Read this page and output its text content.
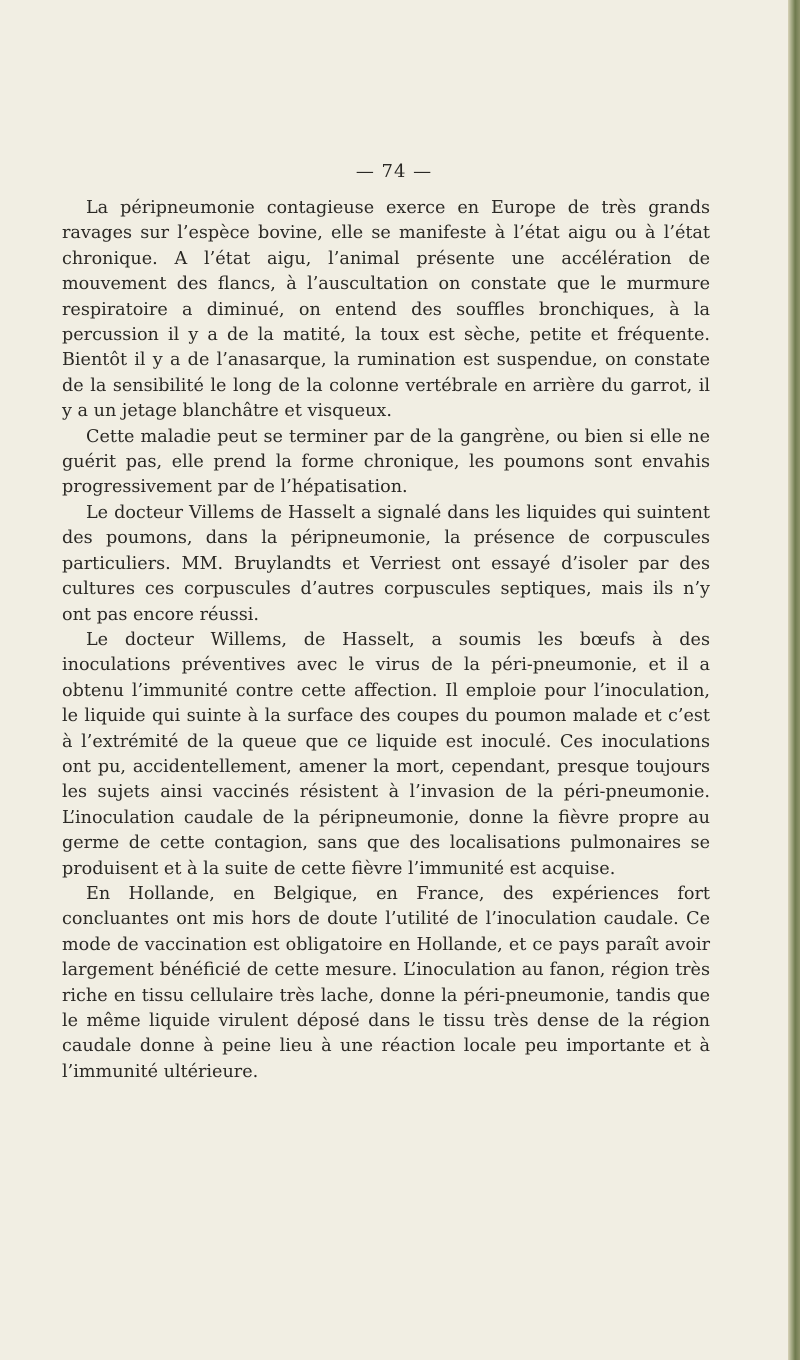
— 74 —

La péripneumonie contagieuse exerce en Europe de très grands ravages sur l’espèce bovine, elle se manifeste à l’état aigu ou à l’état chronique. A l’état aigu, l’animal présente une accélération de mouvement des flancs, à l’auscultation on constate que le murmure respiratoire a diminué, on entend des souffles bronchiques, à la percussion il y a de la matité, la toux est sèche, petite et fréquente. Bientôt il y a de l’anasarque, la rumination est suspendue, on constate de la sensibilité le long de la colonne vertébrale en arrière du garrot, il y a un jetage blanchâtre et visqueux.

Cette maladie peut se terminer par de la gangrène, ou bien si elle ne guérit pas, elle prend la forme chronique, les poumons sont envahis progressivement par de l’hépatisation.

Le docteur Villems de Hasselt a signalé dans les liquides qui suintent des poumons, dans la péripneumonie, la présence de corpuscules particuliers. MM. Bruylandts et Verriest ont essayé d’isoler par des cultures ces corpuscules d’autres corpuscules septiques, mais ils n’y ont pas encore réussi.

Le docteur Willems, de Hasselt, a soumis les bœufs à des inoculations préventives avec le virus de la péri-pneumonie, et il a obtenu l’immunité contre cette affection. Il emploie pour l’inoculation, le liquide qui suinte à la surface des coupes du poumon malade et c’est à l’extrémité de la queue que ce liquide est inoculé. Ces inoculations ont pu, accidentellement, amener la mort, cependant, presque toujours les sujets ainsi vaccinés résistent à l’invasion de la péri-pneumonie. L’inoculation caudale de la péripneumonie, donne la fièvre propre au germe de cette contagion, sans que des localisations pulmonaires se produisent et à la suite de cette fièvre l’immunité est acquise.

En Hollande, en Belgique, en France, des expériences fort concluantes ont mis hors de doute l’utilité de l’inoculation caudale. Ce mode de vaccination est obligatoire en Hollande, et ce pays paraît avoir largement bénéficié de cette mesure. L’inoculation au fanon, région très riche en tissu cellulaire très lache, donne la péri-pneumonie, tandis que le même liquide virulent déposé dans le tissu très dense de la région caudale donne à peine lieu à une réaction locale peu importante et à l’immunité ultérieure.
